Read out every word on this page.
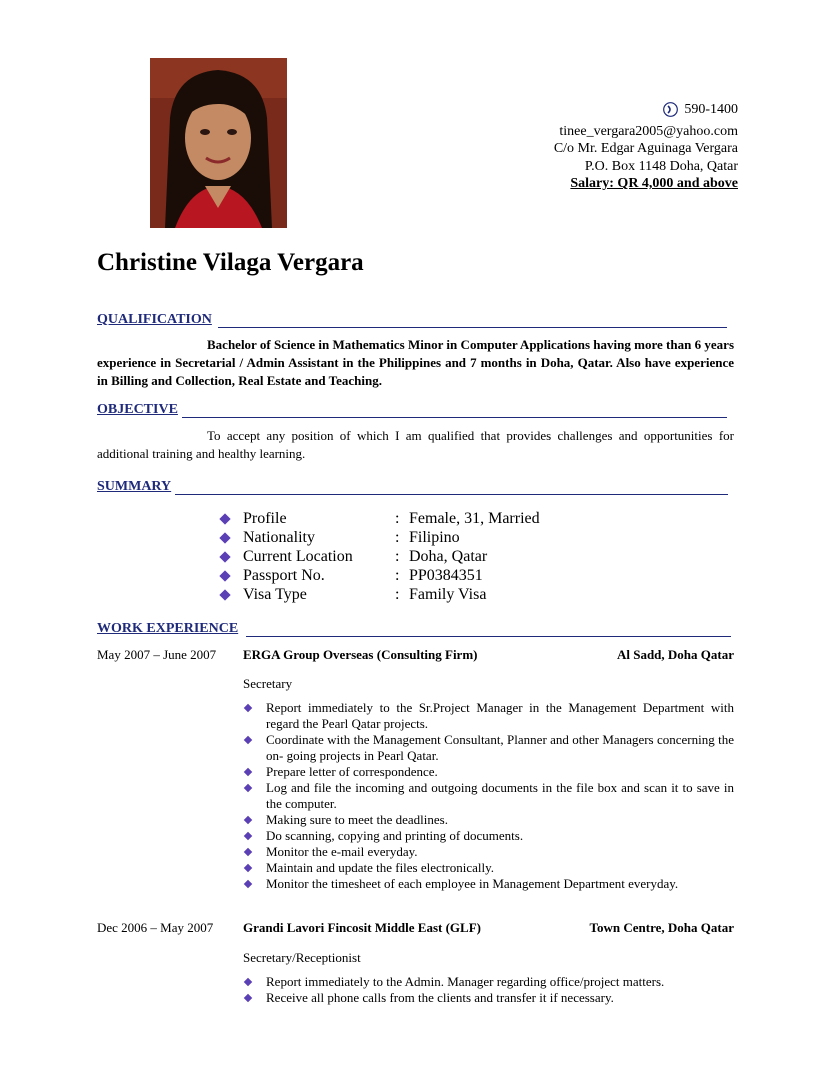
590-1400
tinee_vergara2005@yahoo.com
C/o Mr. Edgar Aguinaga Vergara
P.O. Box 1148 Doha, Qatar
Salary: QR 4,000 and above
Christine Vilaga Vergara
QUALIFICATION
Bachelor of Science in Mathematics Minor in Computer Applications having more than 6 years experience in Secretarial / Admin Assistant in the Philippines and 7 months in Doha, Qatar. Also have experience in Billing and Collection, Real Estate and Teaching.
OBJECTIVE
To accept any position of which I am qualified that provides challenges and opportunities for additional training and healthy learning.
SUMMARY
Profile	: Female, 31, Married
Nationality	: Filipino
Current Location	: Doha, Qatar
Passport No.	: PP0384351
Visa Type	: Family Visa
WORK EXPERIENCE
May 2007 – June 2007 ERGA Group Overseas (Consulting Firm)	Al Sadd, Doha Qatar
Secretary
Report immediately to the Sr.Project Manager in the Management Department with regard the Pearl Qatar projects.
Coordinate with the Management Consultant, Planner and other Managers concerning the on- going projects in Pearl Qatar.
Prepare letter of correspondence.
Log and file the incoming and outgoing documents in the file box and scan it to save in the computer.
Making sure to meet the deadlines.
Do scanning, copying and printing of documents.
Monitor the e-mail everyday.
Maintain and update the files electronically.
Monitor the timesheet of each employee in Management Department everyday.
Dec 2006 – May 2007 Grandi Lavori Fincosit Middle East (GLF)	Town Centre, Doha Qatar
Secretary/Receptionist
Report immediately to the Admin. Manager regarding office/project matters.
Receive all phone calls from the clients and transfer it if necessary.
